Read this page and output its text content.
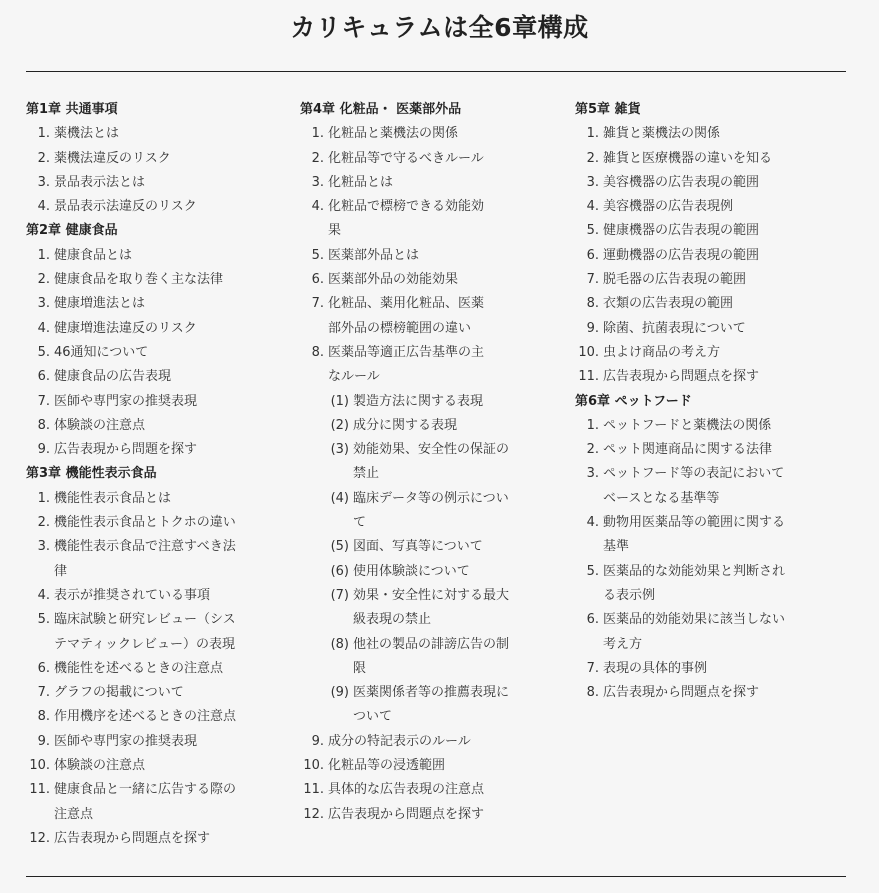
カリキュラムは全6章構成
第1章 共通事項
1. 薬機法とは
2. 薬機法違反のリスク
3. 景品表示法とは
4. 景品表示法違反のリスク
第2章 健康食品
1. 健康食品とは
2. 健康食品を取り巻く主な法律
3. 健康増進法とは
4. 健康増進法違反のリスク
5. 46通知について
6. 健康食品の広告表現
7. 医師や専門家の推奨表現
8. 体験談の注意点
9. 広告表現から問題を探す
第3章 機能性表示食品
1. 機能性表示食品とは
2. 機能性表示食品とトクホの違い
3. 機能性表示食品で注意すべき法律
4. 表示が推奨されている事項
5. 臨床試験と研究レビュー（システマティックレビュー）の表現
6. 機能性を述べるときの注意点
7. グラフの掲載について
8. 作用機序を述べるときの注意点
9. 医師や専門家の推奨表現
10. 体験談の注意点
11. 健康食品と一緒に広告する際の注意点
12. 広告表現から問題点を探す
第4章 化粧品・ 医薬部外品
1. 化粧品と薬機法の関係
2. 化粧品等で守るべきルール
3. 化粧品とは
4. 化粧品で標榜できる効能効果
5. 医薬部外品とは
6. 医薬部外品の効能効果
7. 化粧品、薬用化粧品、医薬部外品の標榜範囲の違い
8. 医薬品等適正広告基準の主なルール
(1) 製造方法に関する表現
(2) 成分に関する表現
(3) 効能効果、安全性の保証の禁止
(4) 臨床データ等の例示について
(5) 図面、写真等について
(6) 使用体験談について
(7) 効果・安全性に対する最大級表現の禁止
(8) 他社の製品の誹謗広告の制限
(9) 医薬関係者等の推薦表現について
9. 成分の特記表示のルール
10. 化粧品等の浸透範囲
11. 具体的な広告表現の注意点
12. 広告表現から問題点を探す
第5章 雑貨
1. 雑貨と薬機法の関係
2. 雑貨と医療機器の違いを知る
3. 美容機器の広告表現の範囲
4. 美容機器の広告表現例
5. 健康機器の広告表現の範囲
6. 運動機器の広告表現の範囲
7. 脱毛器の広告表現の範囲
8. 衣類の広告表現の範囲
9. 除菌、抗菌表現について
10. 虫よけ商品の考え方
11. 広告表現から問題点を探す
第6章 ペットフード
1. ペットフードと薬機法の関係
2. ペット関連商品に関する法律
3. ペットフード等の表記においてベースとなる基準等
4. 動物用医薬品等の範囲に関する基準
5. 医薬品的な効能効果と判断される表示例
6. 医薬品的効能効果に該当しない考え方
7. 表現の具体的事例
8. 広告表現から問題点を探す
